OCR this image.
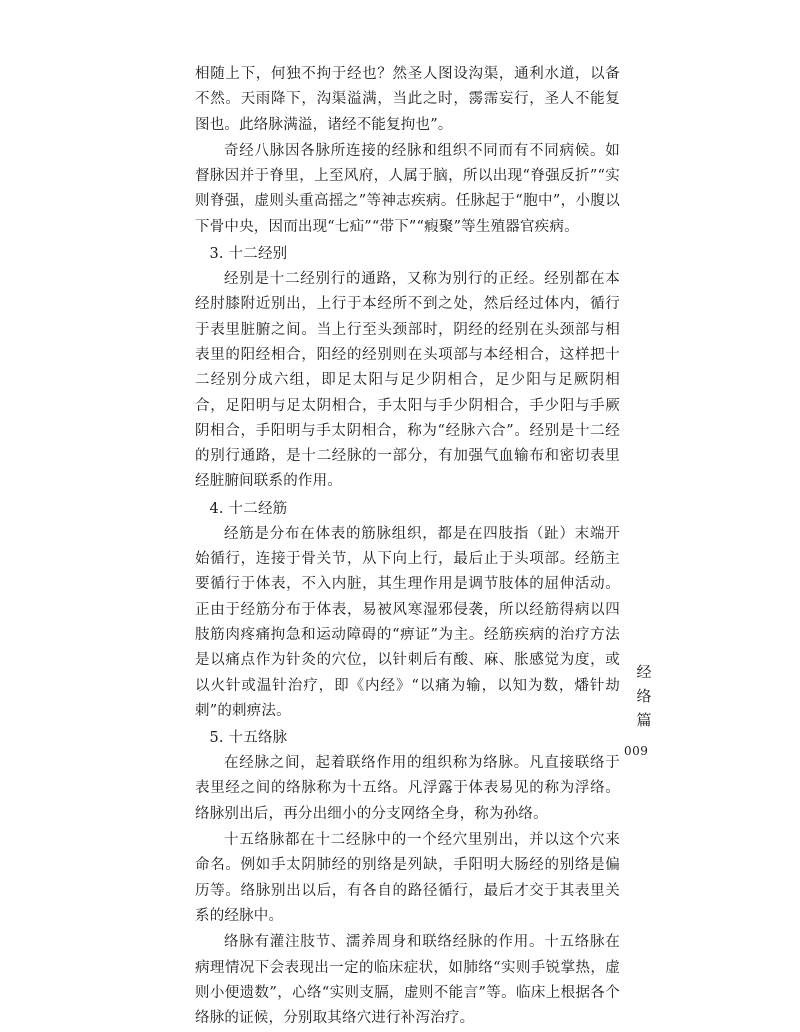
相随上下，何独不拘于经也？然圣人图设沟渠，通利水道，以备不然。天雨降下，沟渠溢满，当此之时，霶霈妄行，圣人不能复图也。此络脉满溢，诸经不能复拘也”。

奇经八脉因各脉所连接的经脉和组织不同而有不同病候。如督脉因并于脊里，上至风府，人属于脑，所以出现“脊强反折”“实则脊强，虚则头重高摇之”等神志疾病。任脉起于“胞中”，小腹以下骨中央，因而出现“七疝”“带下”“瘕聚”等生殖器官疾病。

3. 十二经别

经别是十二经别行的通路，又称为别行的正经。经别都在本经肘膝附近别出，上行于本经所不到之处，然后经过体内，循行于表里脏腑之间。当上行至头颈部时，阴经的经别在头颈部与相表里的阳经相合，阳经的经别则在头项部与本经相合，这样把十二经别分成六组，即足太阳与足少阴相合，足少阳与足厥阴相合，足阳明与足太阴相合，手太阳与手少阴相合，手少阳与手厥阴相合，手阳明与手太阴相合，称为“经脉六合”。经别是十二经的别行通路，是十二经脉的一部分，有加强气血输布和密切表里经脏腑间联系的作用。

4. 十二经筋

经筋是分布在体表的筋脉组织，都是在四肢指（趾）末端开始循行，连接于骨关节，从下向上行，最后止于头项部。经筋主要循行于体表，不入内脏，其生理作用是调节肢体的屈伸活动。正由于经筋分布于体表，易被风寒湿邪侵袭，所以经筋得病以四肢筋肉疼痛拘急和运动障碍的“痹证”为主。经筋疾病的治疗方法是以痛点作为针灸的穴位，以针刺后有酸、麻、胀感觉为度，或以火针或温针治疗，即《内经》“以痛为输，以知为数，燔针劫刺”的刺痹法。

5. 十五络脉

在经脉之间，起着联络作用的组织称为络脉。凡直接联络于表里经之间的络脉称为十五络。凡浮露于体表易见的称为浮络。络脉别出后，再分出细小的分支网络全身，称为孙络。

十五络脉都在十二经脉中的一个经穴里别出，并以这个穴来命名。例如手太阴肺经的别络是列缺，手阳明大肠经的别络是偏历等。络脉别出以后，有各自的路径循行，最后才交于其表里关系的经脉中。

络脉有灌注肢节、濡养周身和联络经脉的作用。十五络脉在病理情况下会表现出一定的临床症状，如肺络“实则手锐掌热，虚则小便遗数”，心络“实则支膈，虚则不能言”等。临床上根据各个络脉的证候，分别取其络穴进行补泻治疗。

经
络
篇
009
